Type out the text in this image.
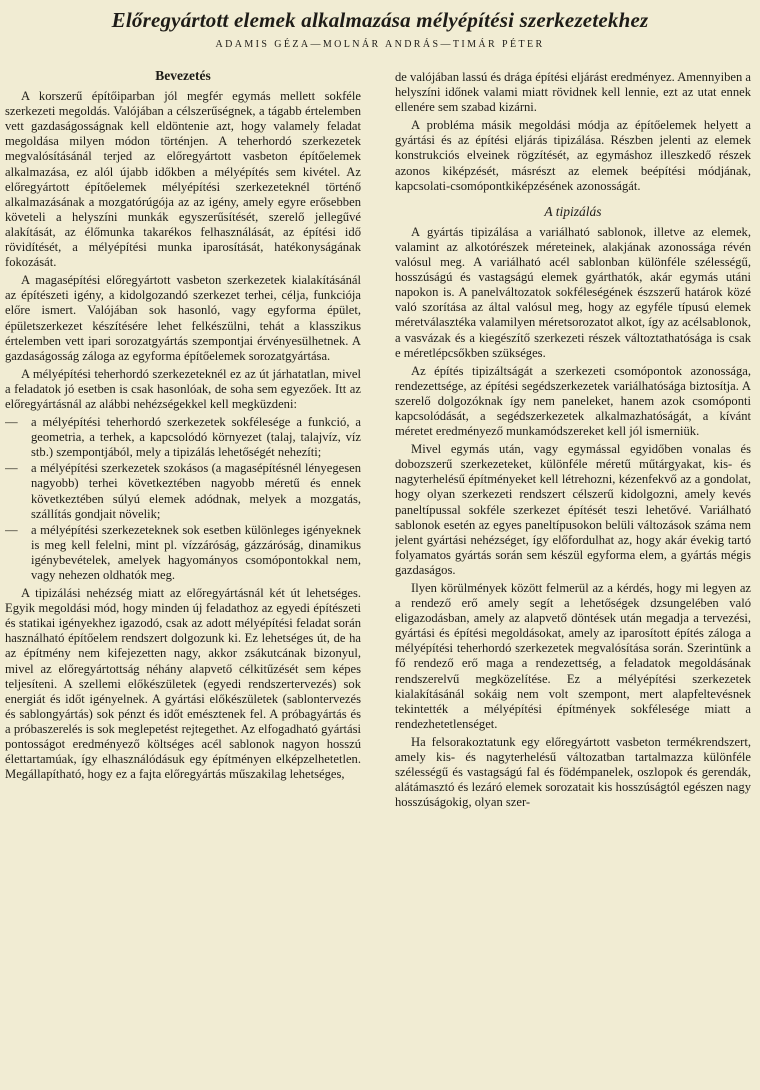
Előregyártott elemek alkalmazása mélyépítési szerkezetekhez
ADAMIS GÉZA—MOLNÁR ANDRÁS—TIMÁR PÉTER
Bevezetés

A korszerű építőiparban jól megfér egymás mellett sokféle szerkezeti megoldás. Valójában a célszerűségnek, a tágabb értelemben vett gazdaságosságnak kell eldöntenie azt, hogy valamely feladat megoldása milyen módon történjen. A teherhordó szerkezetek megvalósításánál terjed az előregyártott vasbeton építőelemek alkalmazása, ez alól újabb időkben a mélyépítés sem kivétel. Az előregyártott építőelemek mélyépítési szerkezeteknél történő alkalmazásának a mozgatórúgója az az igény, amely egyre erősebben követeli a helyszíni munkák egyszerűsítését, szerelő jellegűvé alakítását, az élőmunka takarékos felhasználását, az építési idő rövidítését, a mélyépítési munka iparosítását, hatékonyságának fokozását.

A magasépítési előregyártott vasbeton szerkezetek kialakításánál az építészeti igény, a kidolgozandó szerkezet terhei, célja, funkciója előre ismert. Valójában sok hasonló, vagy egyforma épület, épületszerkezet készítésére lehet felkészülni, tehát a klasszikus értelemben vett ipari sorozatgyártás szempontjai érvényesülhetnek. A gazdaságosság záloga az egyforma építőelemek sorozatgyártása.

A mélyépítési teherhordó szerkezeteknél ez az út járhatatlan, mivel a feladatok jó esetben is csak hasonlóak, de soha sem egyezőek. Itt az előregyártásnál az alábbi nehézségekkel kell megküzdeni:

— a mélyépítési teherhordó szerkezetek sokfélesége a funkció, a geometria, a terhek, a kapcsolódó környezet (talaj, talajvíz, víz stb.) szempontjából, mely a tipizálás lehetőségét nehezíti;
— a mélyépítési szerkezetek szokásos (a magasépítésnél lényegesen nagyobb) terhei következtében nagyobb méretű és ennek következtében súlyú elemek adódnak, melyek a mozgatás, szállítás gondjait növelik;
— a mélyépítési szerkezeteknek sok esetben különleges igényeknek is meg kell felelni, mint pl. vízzáróság, gázzáróság, dinamikus igénybevételek, amelyek hagyományos csomópontokkal nem, vagy nehezen oldhatók meg.

A tipizálási nehézség miatt az előregyártásnál két út lehetséges. Egyik megoldási mód, hogy minden új feladathoz az egyedi építészeti és statikai igényekhez igazodó, csak az adott mélyépítési feladat során használható építőelem rendszert dolgozunk ki. Ez lehetséges út, de ha az építmény nem kifejezetten nagy, akkor zsákutcának bizonyul, mivel az előregyártottság néhány alapvető célkitűzését sem képes teljesíteni. A szellemi előkészületek (egyedi rendszertervezés) sok energiát és időt igényelnek. A gyártási előkészületek (sablontervezés és sablongyártás) sok pénzt és időt emésztenek fel. A próbagyártás és a próbaszerelés is sok meglepetést rejtegethet. Az elfogadható gyártási pontosságot eredményező költséges acél sablonok nagyon hosszú élettartamúak, így elhasználódásuk egy építményen elképzelhetetlen. Megállapítható, hogy ez a fajta előregyártás műszakilag lehetséges,

de valójában lassú és drága építési eljárást eredményez. Amennyiben a helyszíni időnek valami miatt rövidnek kell lennie, ezt az utat ennek ellenére sem szabad kizárni.

A probléma másik megoldási módja az építőelemek helyett a gyártási és az építési eljárás tipizálása. Részben jelenti az elemek konstrukciós elveinek rögzítését, az egymáshoz illeszkedő részek azonos kiképzését, másrészt az elemek beépítési módjának, kapcsolati-csomópontkiképzésének azonosságát.

A tipizálás

A gyártás tipizálása a variálható sablonok, illetve az elemek, valamint az alkotórészek méreteinek, alakjának azonossága révén valósul meg. A variálható acél sablonban különféle szélességű, hosszúságú és vastagságú elemek gyárthatók, akár egymás utáni napokon is. A panelváltozatok sokféleségének észszerű határok közé való szorítása az által valósul meg, hogy az egyféle típusú elemek méretválasztéka valamilyen méretsorozatot alkot, így az acélsablonok, a vasvázak és a kiegészítő szerkezeti részek változtathatósága is csak e méretlépcsőkben szükséges.

Az építés tipizáltságát a szerkezeti csomópontok azonossága, rendezettsége, az építési segédszerkezetek variálhatósága biztosítja. A szerelő dolgozóknak így nem paneleket, hanem azok csomóponti kapcsolódását, a segédszerkezetek alkalmazhatóságát, a kívánt méretet eredményező munkamódszereket kell jól ismerniük.

Mivel egymás után, vagy egymással egyidőben vonalas és dobozszerű szerkezeteket, különféle méretű műtárgyakat, kis- és nagyterhelésű építményeket kell létrehozni, kézenfekvő az a gondolat, hogy olyan szerkezeti rendszert célszerű kidolgozni, amely kevés paneltípussal sokféle szerkezet építését teszi lehetővé. Variálható sablonok esetén az egyes paneltípusokon belüli változások száma nem jelent gyártási nehézséget, így előfordulhat az, hogy akár évekig tartó folyamatos gyártás során sem készül egyforma elem, a gyártás mégis gazdaságos.

Ilyen körülmények között felmerül az a kérdés, hogy mi legyen az a rendező erő amely segít a lehetőségek dzsungelében való eligazodásban, amely az alapvető döntések után megadja a tervezési, gyártási és építési megoldásokat, amely az iparosított építés záloga a mélyépítési teherhordó szerkezetek megvalósítása során. Szerintünk a fő rendező erő maga a rendezettség, a feladatok megoldásának rendszerelvű megközelítése. Ez a mélyépítési szerkezetek kialakításánál sokáig nem volt szempont, mert alapfeltevésnek tekintették a mélyépítési építmények sokfélesége miatt a rendezhetetlenséget.

Ha felsorakoztatunk egy előregyártott vasbeton termékrendszert, amely kis- és nagyterhelésű változatban tartalmazza különféle szélességű és vastagságú fal és födémpanelek, oszlopok és gerendák, alátámasztó és lezáró elemek sorozatait kis hosszúságtól egészen nagy hosszúságokig, olyan szer-
